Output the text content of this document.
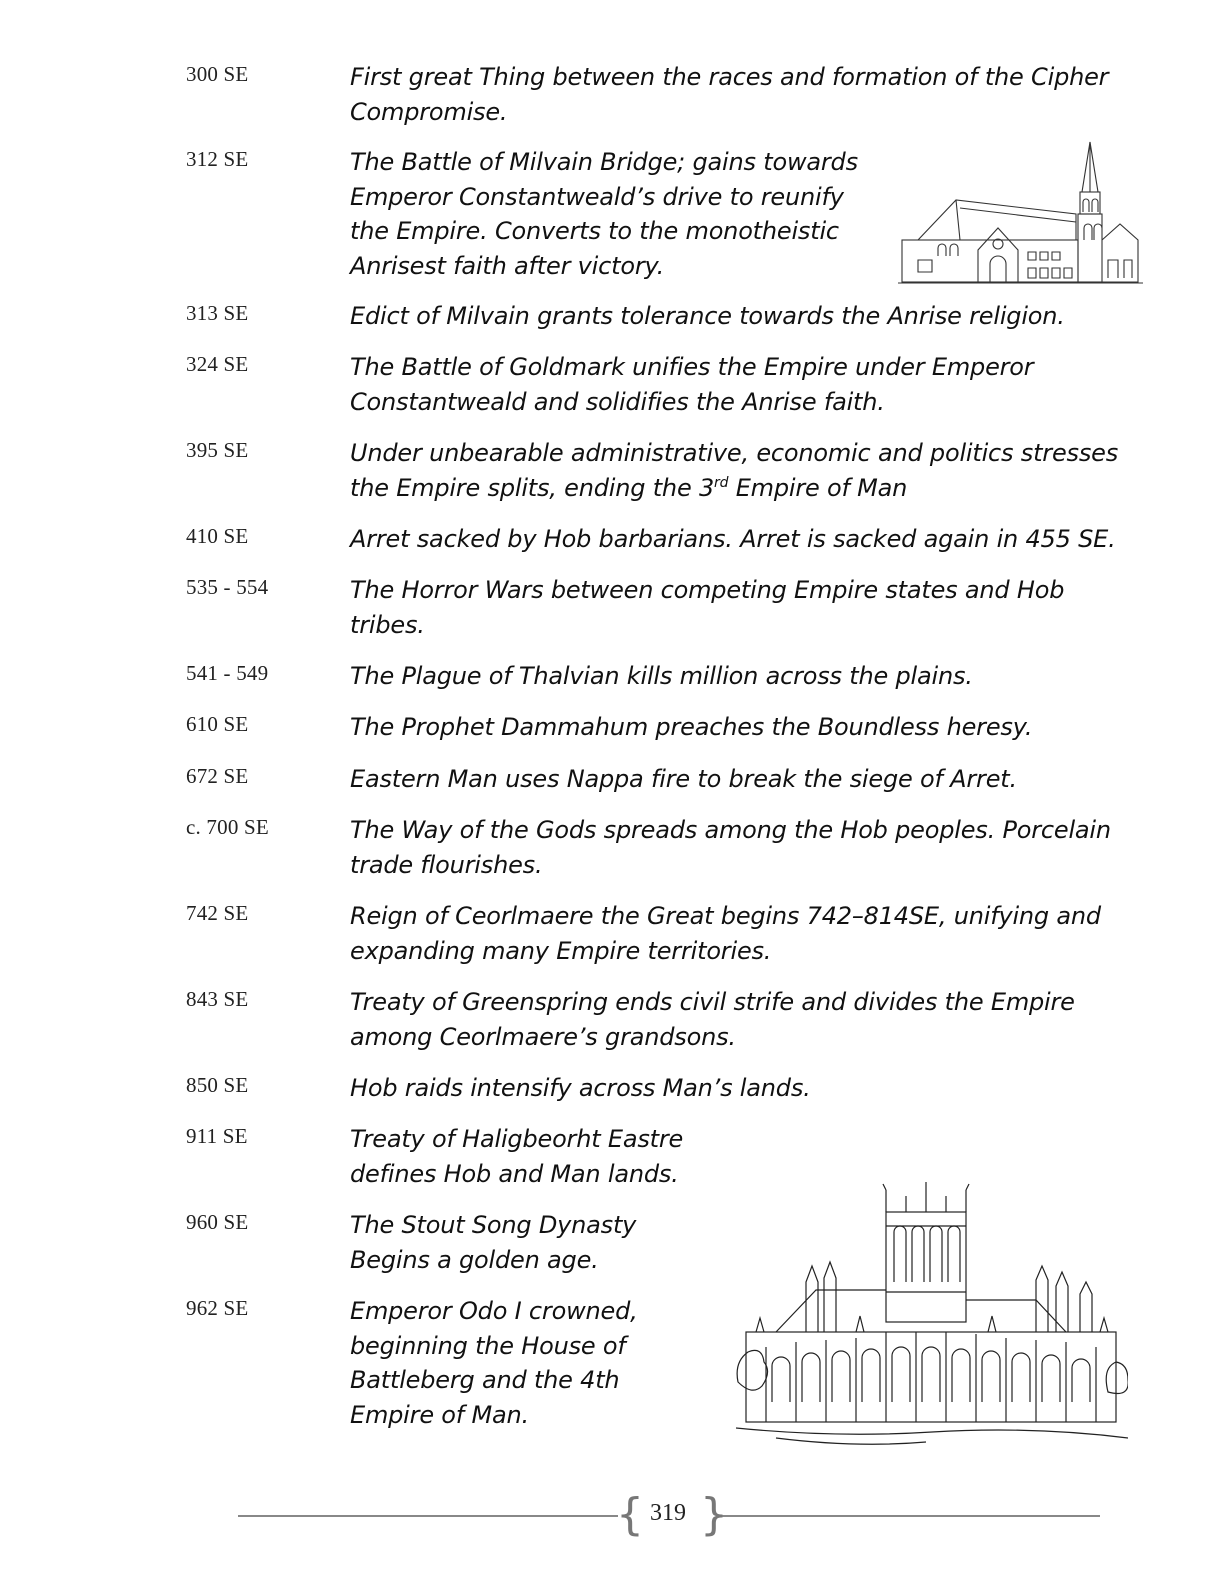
300 SE	First great Thing between the races and formation of the Cipher
Compromise.
312 SE	The Battle of Milvain Bridge; gains towards
Emperor Constantweald’s drive to reunify
the Empire. Converts to the monotheistic
Anrisest faith after victory.
313 SE	Edict of Milvain grants tolerance towards the Anrise religion.
324 SE	The Battle of Goldmark unifies the Empire under Emperor
Constantweald and solidifies the Anrise faith.
395 SE	Under unbearable administrative, economic and politics stresses
the Empire splits, ending the 3rd Empire of Man
410 SE	Arret sacked by Hob barbarians. Arret is sacked again in 455 SE.
535 - 554	The Horror Wars between competing Empire states and Hob
tribes.
541 - 549	The Plague of Thalvian kills million across the plains.
610 SE	The Prophet Dammahum preaches the Boundless heresy.
672 SE	Eastern Man uses Nappa fire to break the siege of Arret.
c. 700 SE	The Way of the Gods spreads among the Hob peoples. Porcelain
trade flourishes.
742 SE	Reign of Ceorlmaere the Great begins 742–814SE, unifying and
expanding many Empire territories.
843 SE	Treaty of Greenspring ends civil strife and divides the Empire
among Ceorlmaere’s grandsons.
850 SE	Hob raids intensify across Man’s lands.
911 SE	Treaty of Haligbeorht Eastre
defines Hob and Man lands.
960 SE	The Stout Song Dynasty
Begins a golden age.
962 SE	Emperor Odo I crowned,
beginning the House of
Battleberg and the 4th
Empire of Man.
{ }
319
